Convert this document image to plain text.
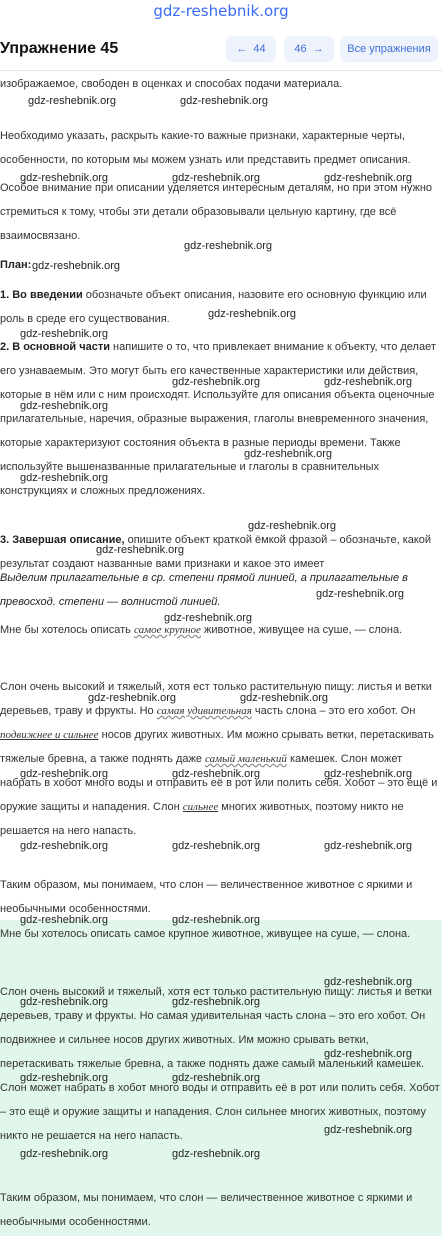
gdz-reshebnik.org
Упражнение 45	← 44	46 → Все упражнения
изображаемое, свободен в оценках и способах подачи материала.
Необходимо указать, раскрыть какие-то важные признаки, характерные черты, особенности, по которым мы можем узнать или представить предмет описания.
Особое внимание при описании уделяется интересным деталям, но при этом нужно стремиться к тому, чтобы эти детали образовывали цельную картину, где всё взаимосвязано.
План:
1. Во введении обозначьте объект описания, назовите его основную функцию или роль в среде его существования.
2. В основной части напишите о то, что привлекает внимание к объекту, что делает его узнаваемым. Это могут быть его качественные характеристики или действия, которые в нём или с ним происходят. Используйте для описания объекта оценочные прилагательные, наречия, образные выражения, глаголы вневременного значения, которые характеризуют состояния объекта в разные периоды времени. Также используйте вышеназванные прилагательные и глаголы в сравнительных конструкциях и сложных предложениях.
3. Завершая описание, опишите объект краткой ёмкой фразой – обозначьте, какой результат создают названные вами признаки и какое это имеет
Выделим прилагательные в ср. степени прямой линией, а прилагательные в превосход. степени — волнистой линией.
Мне бы хотелось описать самое крупное животное, живущее на суше, — слона.
Слон очень высокий и тяжелый, хотя ест только растительную пищу: листья и ветки деревьев, траву и фрукты. Но самая удивительная часть слона – это его хобот. Он подвижнее и сильнее носов других животных. Им можно срывать ветки, перетаскивать тяжелые бревна, а также поднять даже самый маленький камешек. Слон может набрать в хобот много воды и отправить её в рот или полить себя. Хобот – это ещё и оружие защиты и нападения. Слон сильнее многих животных, поэтому никто не решается на него напасть.
Таким образом, мы понимаем, что слон — величественное животное с яркими и необычными особенностями.
Мне бы хотелось описать самое крупное животное, живущее на суше, — слона.
Слон очень высокий и тяжелый, хотя ест только растительную пищу: листья и ветки деревьев, траву и фрукты. Но самая удивительная часть слона – это его хобот. Он подвижнее и сильнее носов других животных. Им можно срывать ветки, перетаскивать тяжелые бревна, а также поднять даже самый маленький камешек. Слон может набрать в хобот много воды и отправить её в рот или полить себя. Хобот – это ещё и оружие защиты и нападения. Слон сильнее многих животных, поэтому никто не решается на него напасть.
Таким образом, мы понимаем, что слон — величественное животное с яркими и необычными особенностями.
gdz-reshebnik.org	gdz-reshebnik.org
gdz-reshebnik.org	gdz-reshebnik.org	gdz-reshebnik.org
gdz-reshebnik.org
gdz-reshebnik.org
gdz-reshebnik.org
gdz-reshebnik.org
gdz-reshebnik.org	gdz-reshebnik.org
gdz-reshebnik.org
gdz-reshebnik.org
gdz-reshebnik.org
gdz-reshebnik.org
gdz-reshebnik.org
gdz-reshebnik.org
gdz-reshebnik.org
gdz-reshebnik.org	gdz-reshebnik.org
gdz-reshebnik.org	gdz-reshebnik.org	gdz-reshebnik.org
gdz-reshebnik.org	gdz-reshebnik.org	gdz-reshebnik.org
gdz-reshebnik.org	gdz-reshebnik.org
gdz-reshebnik.org
gdz-reshebnik.org	gdz-reshebnik.org
gdz-reshebnik.org
gdz-reshebnik.org	gdz-reshebnik.org
gdz-reshebnik.org
gdz-reshebnik.org	gdz-reshebnik.org
